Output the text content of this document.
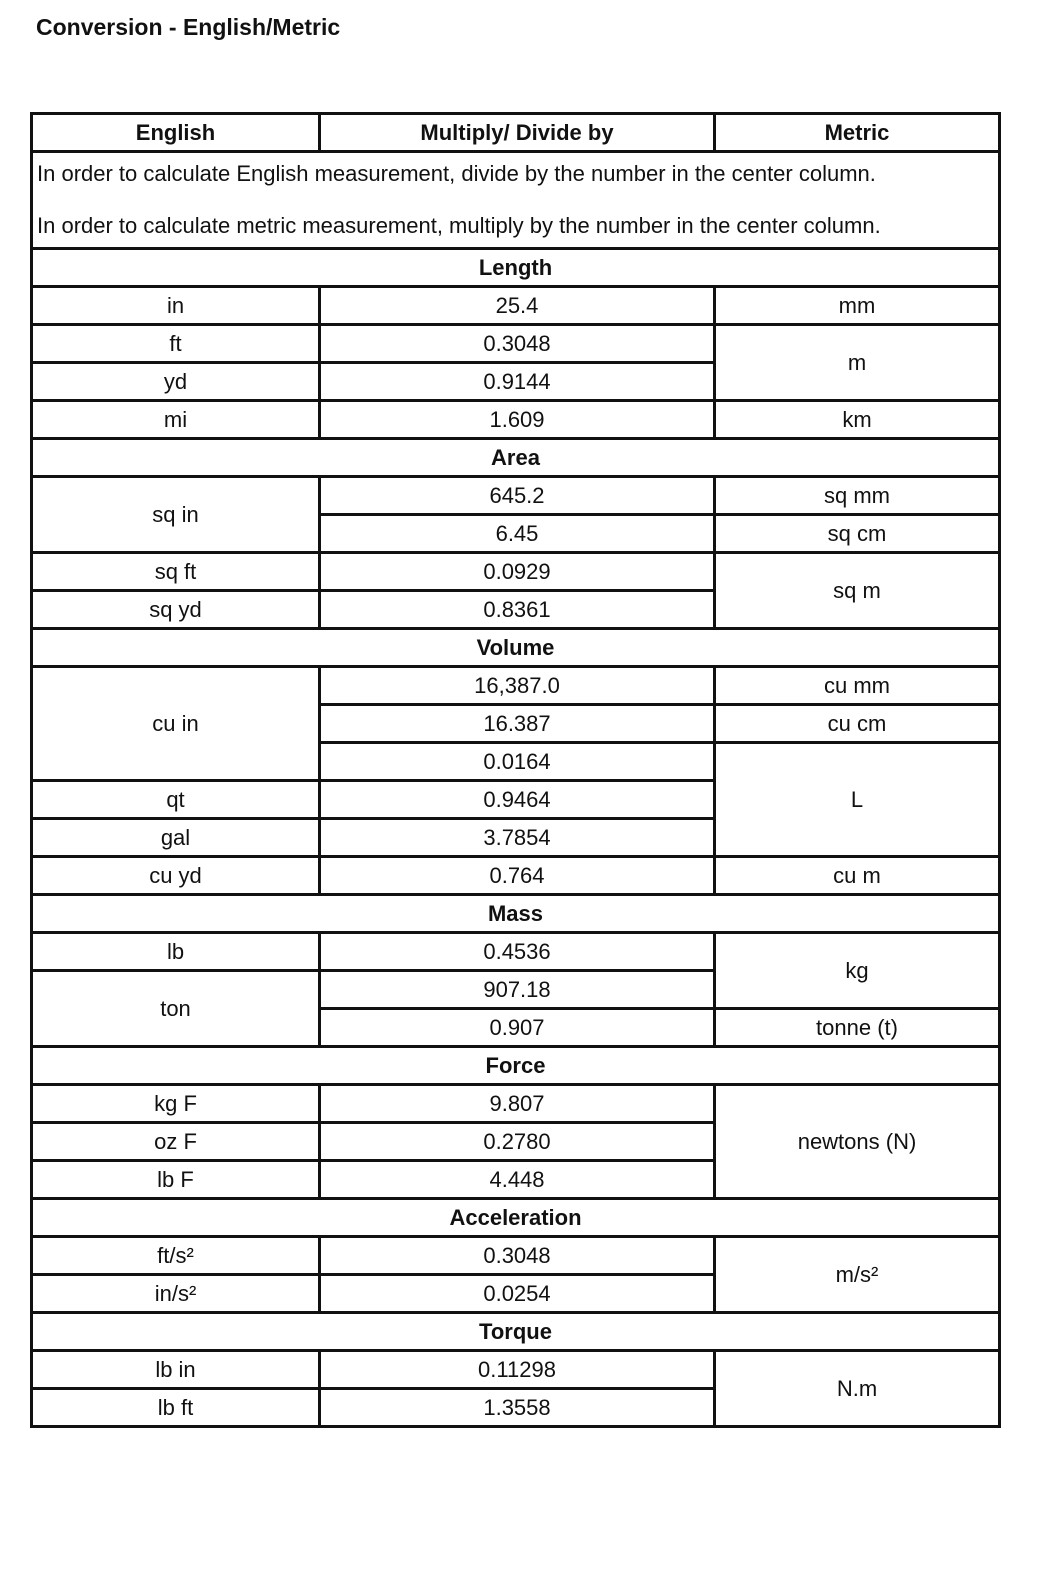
Conversion - English/Metric
English	Multiply/ Divide by	Metric

In order to calculate English measurement, divide by the number in the center column.
In order to calculate metric measurement, multiply by the number in the center column.		

Length		
in	25.4	mm
ft	0.3048	m
yd	0.9144	
mi	1.609	km
Area		
sq in	645.2	sq mm
	6.45	sq cm
sq ft	0.0929	sq m
sq yd	0.8361	
Volume		
cu in	16,387.0	cu mm
	16.387	cu cm
	0.0164	L
qt	0.9464	
gal	3.7854	
cu yd	0.764	cu m
Mass		
lb	0.4536	kg
ton	907.18	
	0.907	tonne (t)
Force		
kg F	9.807	newtons (N)
oz F	0.2780	
lb F	4.448	
Acceleration		
ft/s²	0.3048	m/s²
in/s²	0.0254	
Torque		
lb in	0.11298	N.m
lb ft	1.3558	
